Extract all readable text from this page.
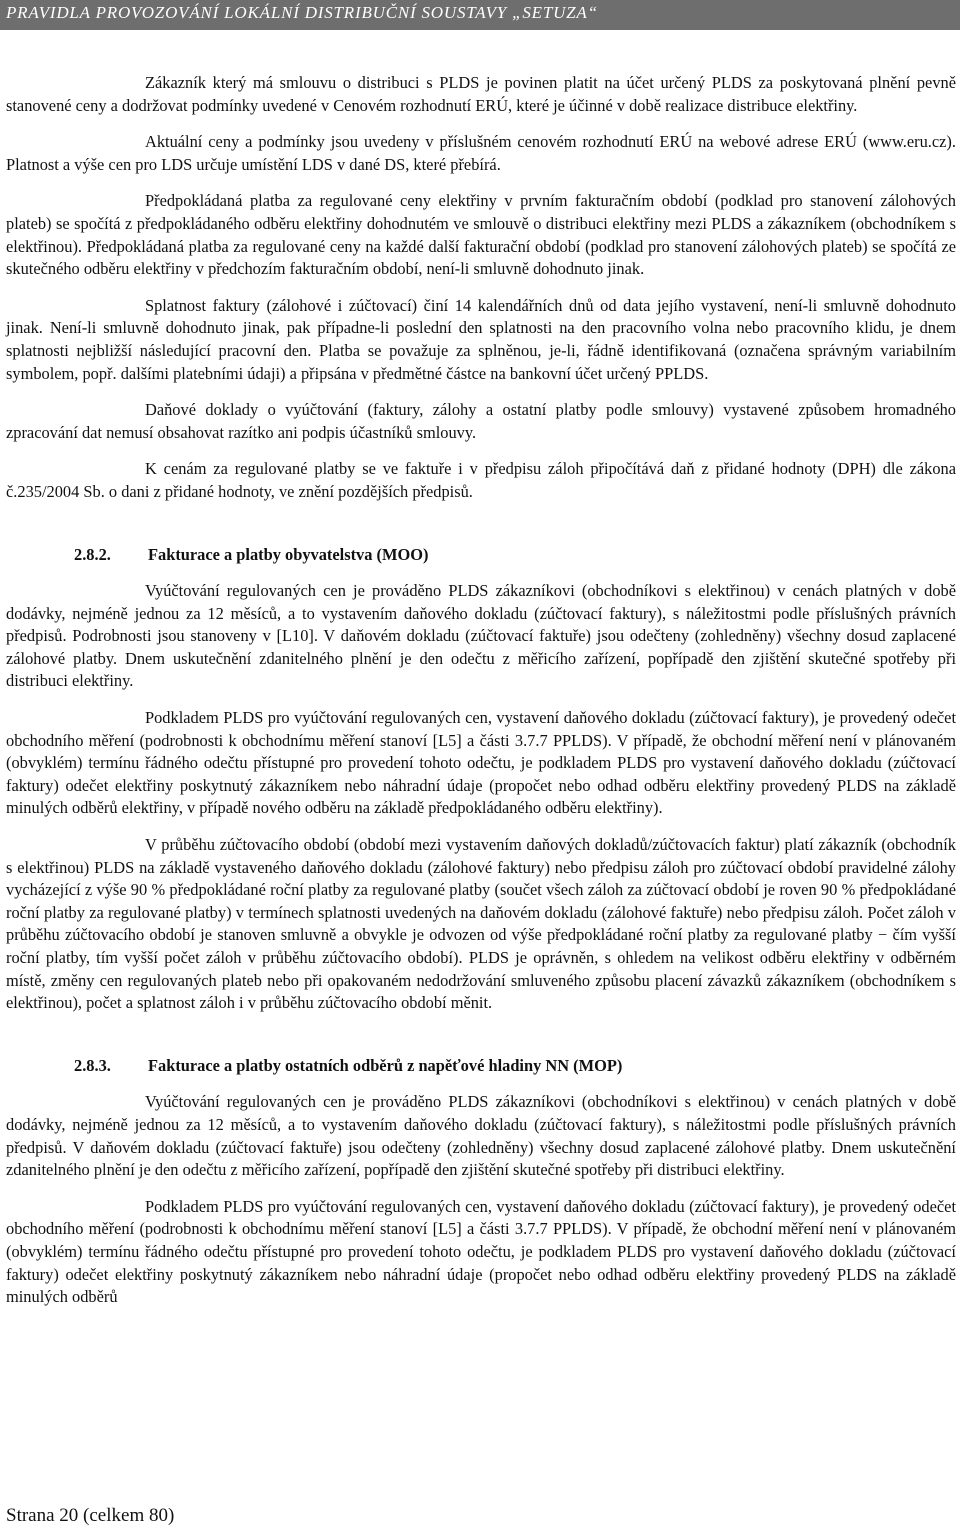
PRAVIDLA PROVOZOVÁNÍ LOKÁLNÍ DISTRIBUČNÍ SOUSTAVY „SETUZA“

Zákazník který má smlouvu o distribuci s PLDS je povinen platit na účet určený PLDS za poskytovaná plnění pevně stanovené ceny a dodržovat podmínky uvedené v Cenovém rozhodnutí ERÚ, které je účinné v době realizace distribuce elektřiny.

Aktuální ceny a podmínky jsou uvedeny v příslušném cenovém rozhodnutí ERÚ na webové adrese ERÚ (www.eru.cz). Platnost a výše cen pro LDS určuje umístění LDS v dané DS, které přebírá.

Předpokládaná platba za regulované ceny elektřiny v prvním fakturačním období (podklad pro stanovení zálohových plateb) se spočítá z předpokládaného odběru elektřiny dohodnutém ve smlouvě o distribuci elektřiny mezi PLDS a zákazníkem (obchodníkem s elektřinou). Předpokládaná platba za regulované ceny na každé další fakturační období (podklad pro stanovení zálohových plateb) se spočítá ze skutečného odběru elektřiny v předchozím fakturačním období, není-li smluvně dohodnuto jinak.

Splatnost faktury (zálohové i zúčtovací) činí 14 kalendářních dnů od data jejího vystavení, není-li smluvně dohodnuto jinak. Není-li smluvně dohodnuto jinak, pak případne-li poslední den splatnosti na den pracovního volna nebo pracovního klidu, je dnem splatnosti nejbližší následující pracovní den. Platba se považuje za splněnou, je-li, řádně identifikovaná (označena správným variabilním symbolem, popř. dalšími platebními údaji) a připsána v předmětné částce na bankovní účet určený PPLDS.

Daňové doklady o vyúčtování (faktury, zálohy a ostatní platby podle smlouvy) vystavené způsobem hromadného zpracování dat nemusí obsahovat razítko ani podpis účastníků smlouvy.

K cenám za regulované platby se ve faktuře i v předpisu záloh připočítává daň z přidané hodnoty (DPH) dle zákona č.235/2004 Sb. o dani z přidané hodnoty, ve znění pozdějších předpisů.

2.8.2. Fakturace a platby obyvatelstva (MOO)

Vyúčtování regulovaných cen je prováděno PLDS zákazníkovi (obchodníkovi s elektřinou) v cenách platných v době dodávky, nejméně jednou za 12 měsíců, a to vystavením daňového dokladu (zúčtovací faktury), s náležitostmi podle příslušných právních předpisů. Podrobnosti jsou stanoveny v [L10]. V daňovém dokladu (zúčtovací faktuře) jsou odečteny (zohledněny) všechny dosud zaplacené zálohové platby. Dnem uskutečnění zdanitelného plnění je den odečtu z měřicího zařízení, popřípadě den zjištění skutečné spotřeby při distribuci elektřiny.

Podkladem PLDS pro vyúčtování regulovaných cen, vystavení daňového dokladu (zúčtovací faktury), je provedený odečet obchodního měření (podrobnosti k obchodnímu měření stanoví [L5] a části 3.7.7 PPLDS). V případě, že obchodní měření není v plánovaném (obvyklém) termínu řádného odečtu přístupné pro provedení tohoto odečtu, je podkladem PLDS pro vystavení daňového dokladu (zúčtovací faktury) odečet elektřiny poskytnutý zákazníkem nebo náhradní údaje (propočet nebo odhad odběru elektřiny provedený PLDS na základě minulých odběrů elektřiny, v případě nového odběru na základě předpokládaného odběru elektřiny).

V průběhu zúčtovacího období (období mezi vystavením daňových dokladů/zúčtovacích faktur) platí zákazník (obchodník s elektřinou) PLDS na základě vystaveného daňového dokladu (zálohové faktury) nebo předpisu záloh pro zúčtovací období pravidelné zálohy vycházející z výše 90 % předpokládané roční platby za regulované platby (součet všech záloh za zúčtovací období je roven 90 % předpokládané roční platby za regulované platby) v termínech splatnosti uvedených na daňovém dokladu (zálohové faktuře) nebo předpisu záloh. Počet záloh v průběhu zúčtovacího období je stanoven smluvně a obvykle je odvozen od výše předpokládané roční platby za regulované platby − čím vyšší roční platby, tím vyšší počet záloh v průběhu zúčtovacího období). PLDS je oprávněn, s ohledem na velikost odběru elektřiny v odběrném místě, změny cen regulovaných plateb nebo při opakovaném nedodržování smluveného způsobu placení závazků zákazníkem (obchodníkem s elektřinou), počet a splatnost záloh i v průběhu zúčtovacího období měnit.

2.8.3. Fakturace a platby ostatních odběrů z napěťové hladiny NN (MOP)

Vyúčtování regulovaných cen je prováděno PLDS zákazníkovi (obchodníkovi s elektřinou) v cenách platných v době dodávky, nejméně jednou za 12 měsíců, a to vystavením daňového dokladu (zúčtovací faktury), s náležitostmi podle příslušných právních předpisů. V daňovém dokladu (zúčtovací faktuře) jsou odečteny (zohledněny) všechny dosud zaplacené zálohové platby. Dnem uskutečnění zdanitelného plnění je den odečtu z měřicího zařízení, popřípadě den zjištění skutečné spotřeby při distribuci elektřiny.

Podkladem PLDS pro vyúčtování regulovaných cen, vystavení daňového dokladu (zúčtovací faktury), je provedený odečet obchodního měření (podrobnosti k obchodnímu měření stanoví [L5] a části 3.7.7 PPLDS). V případě, že obchodní měření není v plánovaném (obvyklém) termínu řádného odečtu přístupné pro provedení tohoto odečtu, je podkladem PLDS pro vystavení daňového dokladu (zúčtovací faktury) odečet elektřiny poskytnutý zákazníkem nebo náhradní údaje (propočet nebo odhad odběru elektřiny provedený PLDS na základě minulých odběrů

Strana 20 (celkem 80)
